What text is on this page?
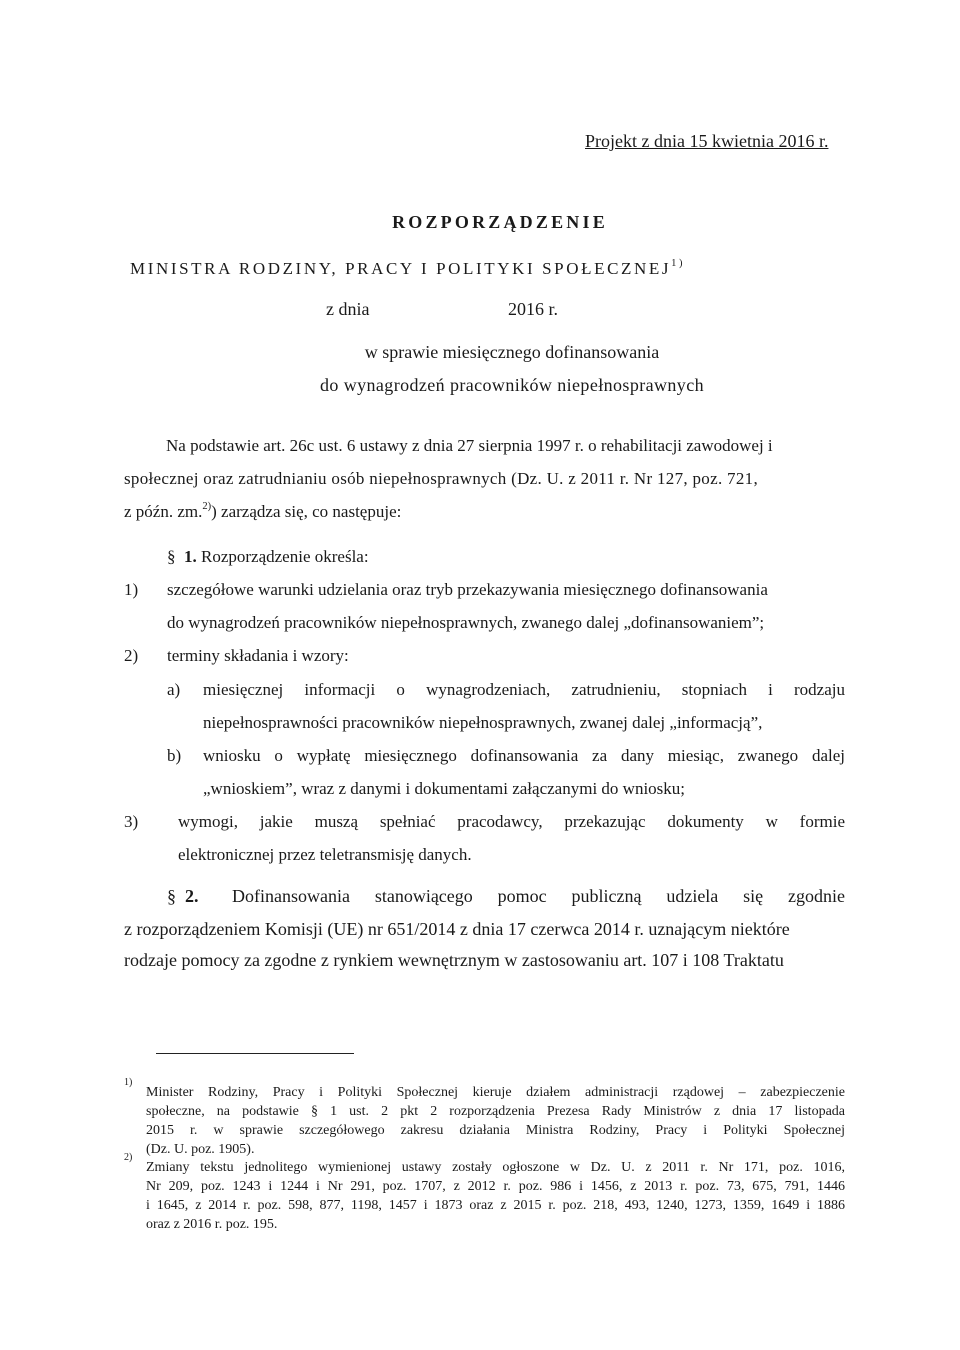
Projekt z dnia 15 kwietnia 2016 r.
ROZPORZĄDZENIE
MINISTRA RODZINY, PRACY I POLITYKI SPOŁECZNEJ$^{1)}$
z dnia	2016 r.
w sprawie miesięcznego dofinansowania
do wynagrodzeń pracowników niepełnosprawnych
Na podstawie art. 26c ust. 6 ustawy z dnia 27 sierpnia 1997 r. o rehabilitacji zawodowej i
społecznej oraz zatrudnianiu osób niepełnosprawnych (Dz. U. z 2011 r. Nr 127, poz. 721,
z późn. zm.$^{2)}$) zarządza się, co następuje:
§ 1. Rozporządzenie określa:
1) szczegółowe warunki udzielania oraz tryb przekazywania miesięcznego dofinansowania
do wynagrodzeń pracowników niepełnosprawnych, zwanego dalej „dofinansowaniem”;
2) terminy składania i wzory:
a) miesięcznej informacji o wynagrodzeniach, zatrudnieniu, stopniach i rodzaju
niepełnosprawności pracowników niepełnosprawnych, zwanej dalej „informacją”,
b) wniosku o wypłatę miesięcznego dofinansowania za dany miesiąc, zwanego dalej
„wnioskiem”, wraz z danymi i dokumentami załączanymi do wniosku;
3) wymogi, jakie muszą spełniać pracodawcy, przekazując dokumenty w formie
elektronicznej przez teletransmisję danych.
§ 2. Dofinansowania stanowiącego pomoc publiczną udziela się zgodnie
z rozporządzeniem Komisji (UE) nr 651/2014 z dnia 17 czerwca 2014 r. uznającym niektóre
rodzaje pomocy za zgodne z rynkiem wewnętrznym w zastosowaniu art. 107 i 108 Traktatu
$^{1)}$
Minister Rodziny, Pracy i Polityki Społecznej kieruje działem administracji rządowej – zabezpieczenie
społeczne, na podstawie § 1 ust. 2 pkt 2 rozporządzenia Prezesa Rady Ministrów z dnia 17 listopada
2015 r. w sprawie szczegółowego zakresu działania Ministra Rodziny, Pracy i Polityki Społecznej
(Dz. U. poz. 1905).
$^{2)}$
Zmiany tekstu jednolitego wymienionej ustawy zostały ogłoszone w Dz. U. z 2011 r. Nr 171, poz. 1016,
Nr 209, poz. 1243 i 1244 i Nr 291, poz. 1707, z 2012 r. poz. 986 i 1456, z 2013 r. poz. 73, 675, 791, 1446
i 1645, z 2014 r. poz. 598, 877, 1198, 1457 i 1873 oraz z 2015 r. poz. 218, 493, 1240, 1273, 1359, 1649 i 1886
oraz z 2016 r. poz. 195.
